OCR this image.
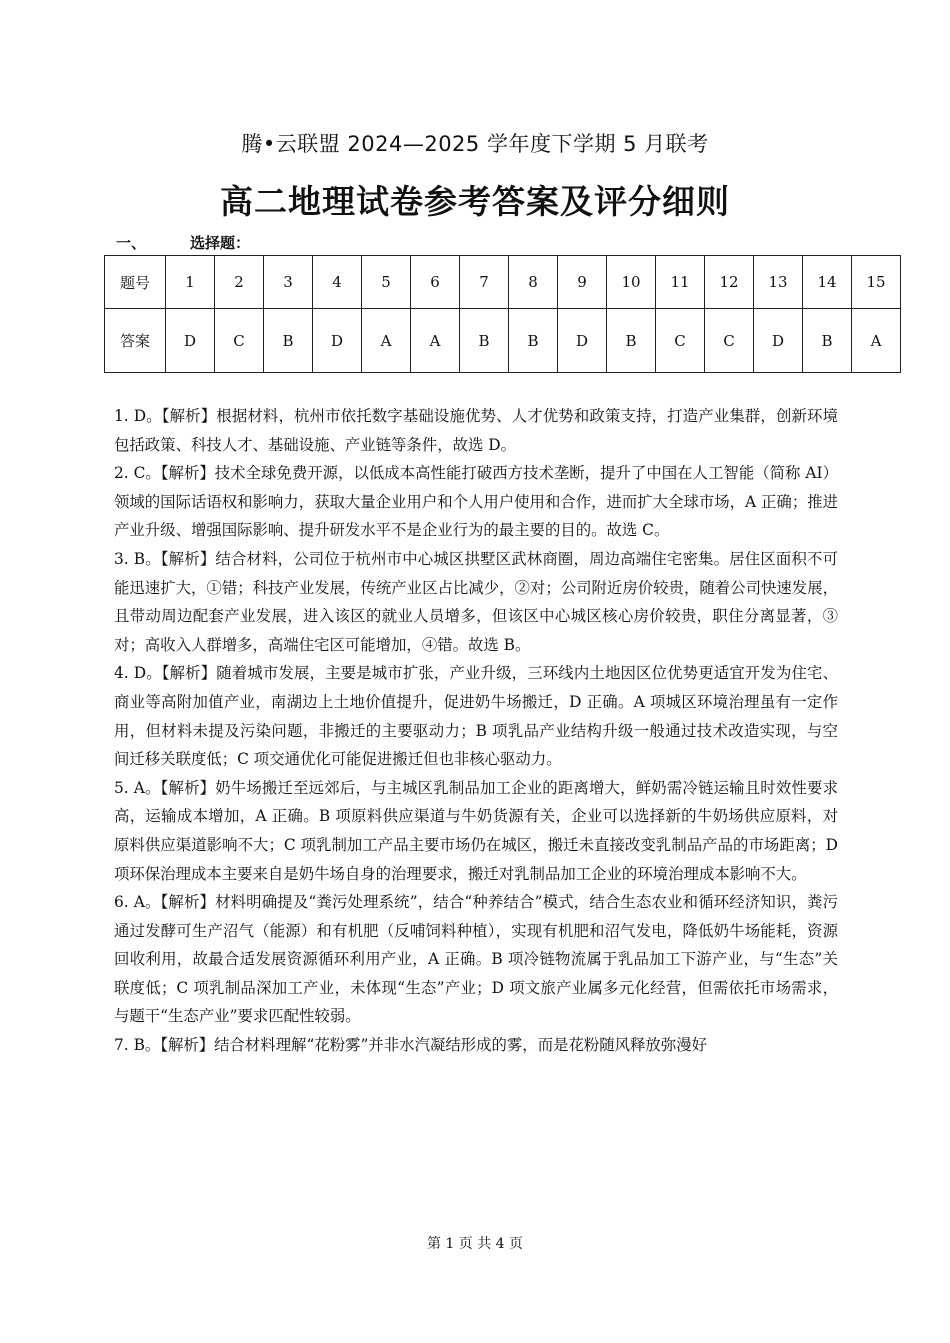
腾•云联盟 2024—2025 学年度下学期 5 月联考
高二地理试卷参考答案及评分细则
一、	选择题：
题号	1	2	3	4	5	6	7	8	9	10	11	12	13	14	15
答案	D	C	B	D	A	A	B	B	D	B	C	C	D	B	A

1. D。【解析】根据材料，杭州市依托数字基础设施优势、人才优势和政策支持，打造产业集群，创新环境包括政策、科技人才、基础设施、产业链等条件，故选 D。

2. C。【解析】技术全球免费开源，以低成本高性能打破西方技术垄断，提升了中国在人工智能（简称 AI）领域的国际话语权和影响力，获取大量企业用户和个人用户使用和合作，进而扩大全球市场，A 正确；推进产业升级、增强国际影响、提升研发水平不是企业行为的最主要的目的。故选 C。

3. B。【解析】结合材料，公司位于杭州市中心城区拱墅区武林商圈，周边高端住宅密集。居住区面积不可能迅速扩大，①错；科技产业发展，传统产业区占比减少，②对；公司附近房价较贵，随着公司快速发展，且带动周边配套产业发展，进入该区的就业人员增多，但该区中心城区核心房价较贵，职住分离显著，③对；高收入人群增多，高端住宅区可能增加，④错。故选 B。

4. D。【解析】随着城市发展，主要是城市扩张，产业升级，三环线内土地因区位优势更适宜开发为住宅、商业等高附加值产业，南湖边上土地价值提升，促进奶牛场搬迁，D 正确。A 项城区环境治理虽有一定作用，但材料未提及污染问题，非搬迁的主要驱动力；B 项乳品产业结构升级一般通过技术改造实现，与空间迁移关联度低；C 项交通优化可能促进搬迁但也非核心驱动力。

5. A。【解析】奶牛场搬迁至远郊后，与主城区乳制品加工企业的距离增大，鲜奶需冷链运输且时效性要求高，运输成本增加，A 正确。B 项原料供应渠道与牛奶货源有关，企业可以选择新的牛奶场供应原料，对原料供应渠道影响不大；C 项乳制加工产品主要市场仍在城区，搬迁未直接改变乳制品产品的市场距离；D 项环保治理成本主要来自是奶牛场自身的治理要求，搬迁对乳制品加工企业的环境治理成本影响不大。

6. A。【解析】材料明确提及“粪污处理系统”，结合“种养结合”模式，结合生态农业和循环经济知识，粪污通过发酵可生产沼气（能源）和有机肥（反哺饲料种植），实现有机肥和沼气发电，降低奶牛场能耗，资源回收利用，故最合适发展资源循环利用产业，A 正确。B 项冷链物流属于乳品加工下游产业，与“生态”关联度低；C 项乳制品深加工产业，未体现“生态”产业；D 项文旅产业属多元化经营，但需依托市场需求，与题干“生态产业”要求匹配性较弱。

7. B。【解析】结合材料理解“花粉雾”并非水汽凝结形成的雾，而是花粉随风释放弥漫好

第 1 页 共 4 页
